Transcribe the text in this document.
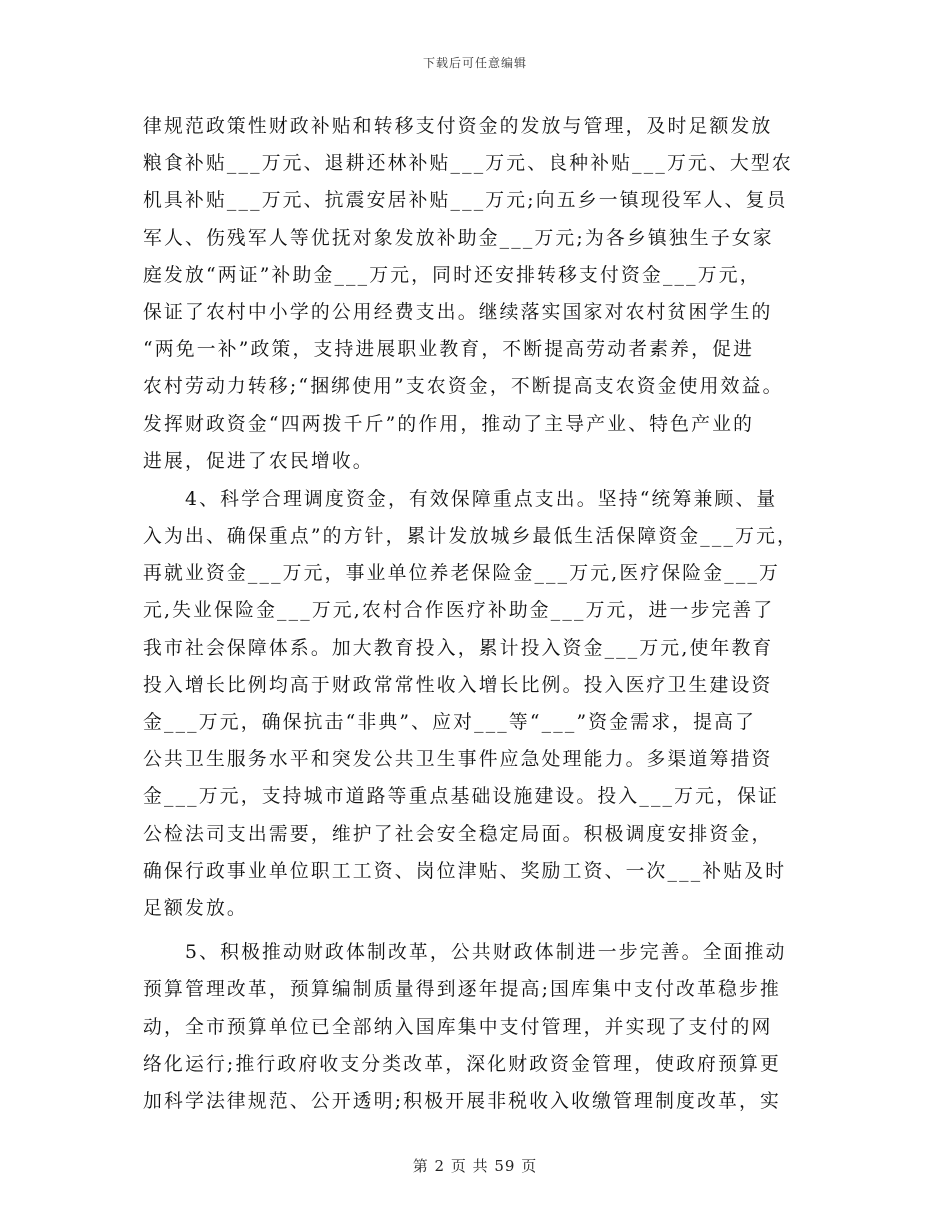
下载后可任意编辑
律规范政策性财政补贴和转移支付资金的发放与管理，及时足额发放
粮食补贴___万元、退耕还林补贴___万元、良种补贴___万元、大型农
机具补贴___万元、抗震安居补贴___万元;向五乡一镇现役军人、复员
军人、伤残军人等优抚对象发放补助金___万元;为各乡镇独生子女家
庭发放“两证”补助金___万元，同时还安排转移支付资金___万元，
保证了农村中小学的公用经费支出。继续落实国家对农村贫困学生的
“两免一补”政策，支持进展职业教育，不断提高劳动者素养，促进
农村劳动力转移;“捆绑使用”支农资金，不断提高支农资金使用效益。
发挥财政资金“四两拨千斤”的作用，推动了主导产业、特色产业的
进展，促进了农民增收。
　　4、科学合理调度资金，有效保障重点支出。坚持“统筹兼顾、量
入为出、确保重点”的方针，累计发放城乡最低生活保障资金___万元，
再就业资金___万元，事业单位养老保险金___万元,医疗保险金___万
元,失业保险金___万元,农村合作医疗补助金___万元，进一步完善了
我市社会保障体系。加大教育投入，累计投入资金___万元,使年教育
投入增长比例均高于财政常常性收入增长比例。投入医疗卫生建设资
金___万元，确保抗击“非典”、应对___等“___”资金需求，提高了
公共卫生服务水平和突发公共卫生事件应急处理能力。多渠道筹措资
金___万元，支持城市道路等重点基础设施建设。投入___万元，保证
公检法司支出需要，维护了社会安全稳定局面。积极调度安排资金，
确保行政事业单位职工工资、岗位津贴、奖励工资、一次___补贴及时
足额发放。
　　5、积极推动财政体制改革，公共财政体制进一步完善。全面推动
预算管理改革，预算编制质量得到逐年提高;国库集中支付改革稳步推
动，全市预算单位已全部纳入国库集中支付管理，并实现了支付的网
络化运行;推行政府收支分类改革，深化财政资金管理，使政府预算更
加科学法律规范、公开透明;积极开展非税收入收缴管理制度改革，实
第 2 页 共 59 页
